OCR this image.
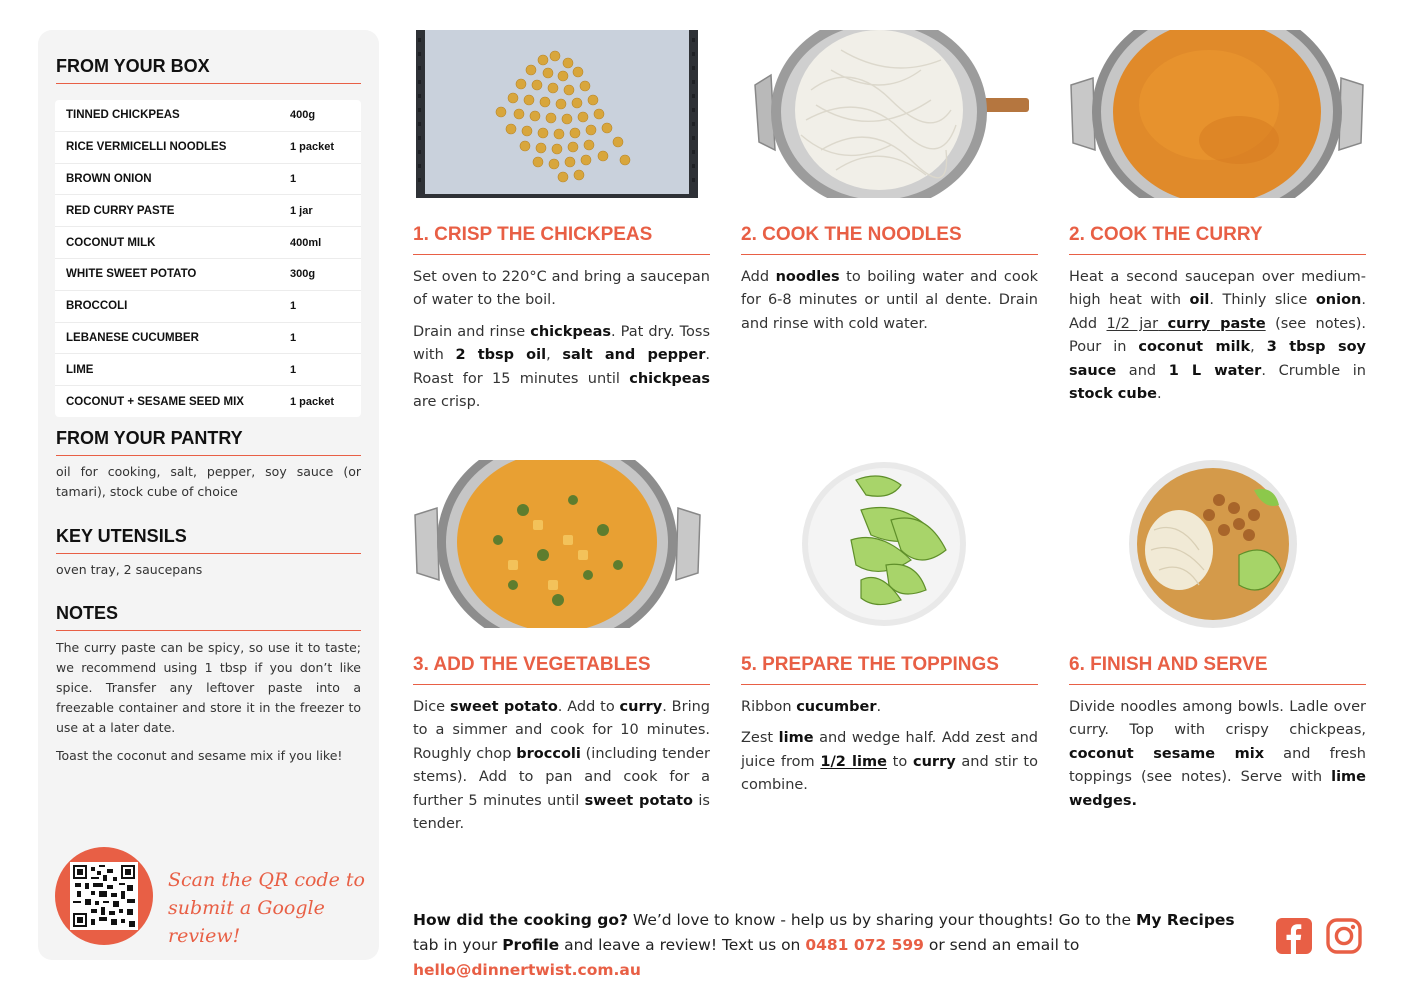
FROM YOUR BOX
TINNED CHICKPEAS	400g
RICE VERMICELLI NOODLES	1 packet
BROWN ONION	1
RED CURRY PASTE	1 jar
COCONUT MILK	400ml
WHITE SWEET POTATO	300g
BROCCOLI	1
LEBANESE CUCUMBER	1
LIME	1
COCONUT + SESAME SEED MIX	1 packet
FROM YOUR PANTRY
oil for cooking, salt, pepper, soy sauce (or tamari), stock cube of choice
KEY UTENSILS
oven tray, 2 saucepans
NOTES

The curry paste can be spicy, so use it to taste; we recommend using 1 tbsp if you don’t like spice. Transfer any leftover paste into a freezable container and store it in the freezer to use at a later date.

Toast the coconut and sesame mix if you like!

Scan the QR code to
submit a Google review!
1. CRISP THE CHICKPEAS	2. COOK THE NOODLES	2. COOK THE CURRY
3. ADD THE VEGETABLES	5. PREPARE THE TOPPINGS	6. FINISH AND SERVE

Set oven to 220°C and bring a saucepan of water to the boil.

Drain and rinse chickpeas. Pat dry. Toss with 2 tbsp oil, salt and pepper. Roast for 15 minutes until chickpeas are crisp.

Add noodles to boiling water and cook for 6-8 minutes or until al dente. Drain and rinse with cold water.

Heat a second saucepan over medium-high heat with oil. Thinly slice onion. Add 1/2 jar curry paste (see notes). Pour in coconut milk, 3 tbsp soy sauce and 1 L water. Crumble in stock cube.

Dice sweet potato. Add to curry. Bring to a simmer and cook for 10 minutes. Roughly chop broccoli (including tender stems). Add to pan and cook for a further 5 minutes until sweet potato is tender.

Ribbon cucumber.

Zest lime and wedge half. Add zest and juice from 1/2 lime to curry and stir to combine.

Divide noodles among bowls. Ladle over curry. Top with crispy chickpeas, coconut sesame mix and fresh toppings (see notes). Serve with lime wedges.

How did the cooking go? We’d love to know - help us by sharing your thoughts! Go to the My Recipes tab in your Profile and leave a review! Text us on 0481 072 599 or send an email to hello@dinnertwist.com.au
